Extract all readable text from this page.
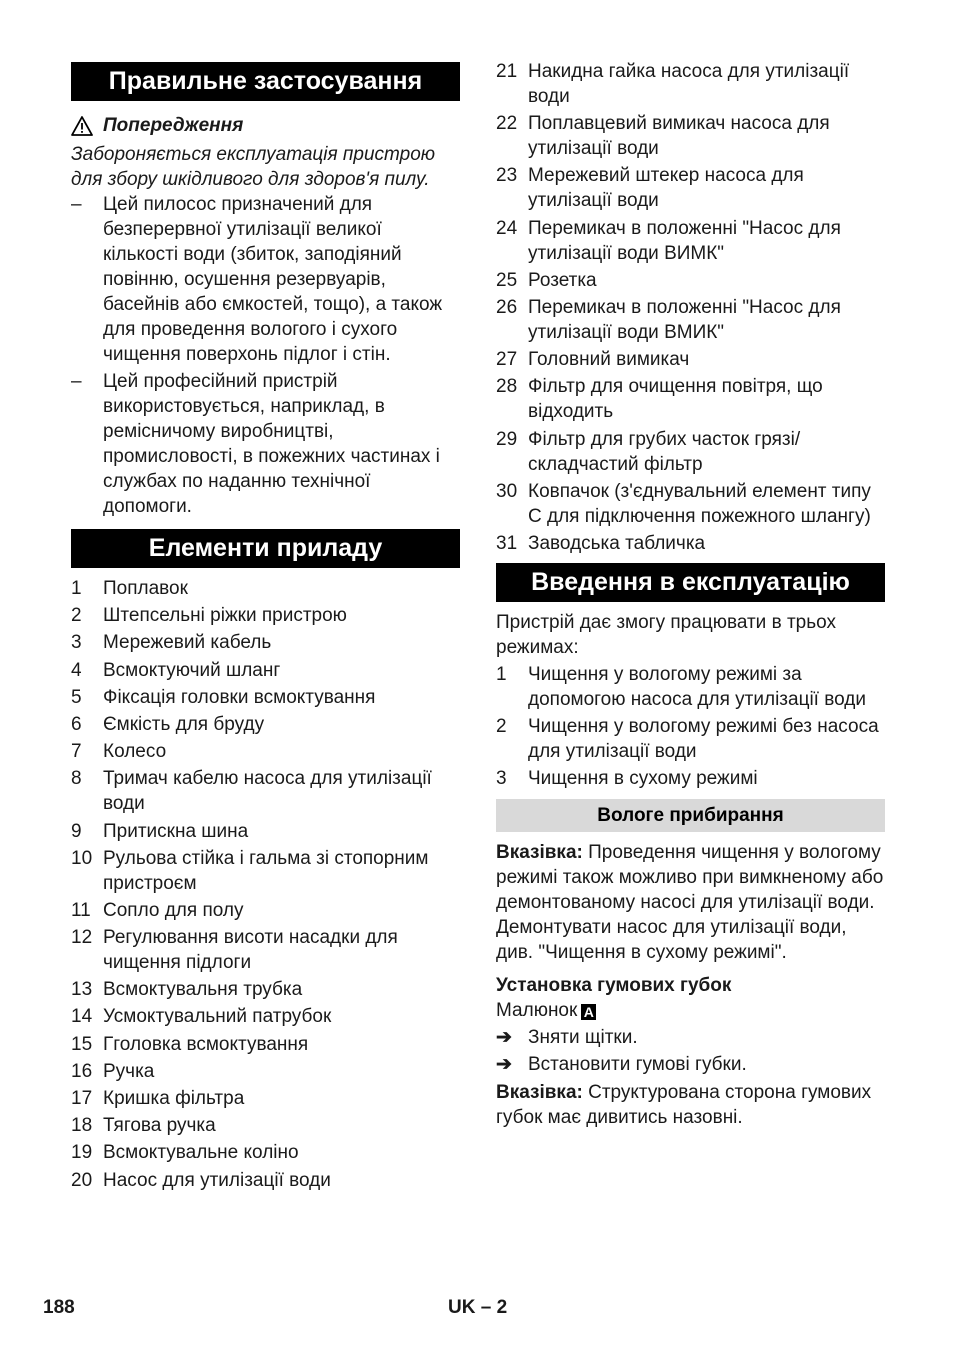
Правильне застосування
Попередження
Забороняється експлуатація пристрою для збору шкідливого для здоров'я пилу.
–	Цей пилосос призначений для безперервної утилізації великої кількості води (збиток, заподіяний повінню, осушення резервуарів, басейнів або ємкостей, тощо), а також для проведення вологого і сухого чищення поверхонь підлог і стін.
–	Цей професійний пристрій використовується, наприклад, в ремісничому виробництві, промисловості, в пожежних частинах і службах по наданню технічної допомоги.
Елементи приладу
1	Поплавок
2	Штепсельні ріжки пристрою
3	Мережевий кабель
4	Всмоктуючий шланг
5	Фіксація головки всмоктування
6	Ємкість для бруду
7	Колесо
8	Тримач кабелю насоса для утилізації води
9	Притискна шина
10 Рульова стійка і гальма зі стопорним пристроєм
11 Сопло для полу
12 Регулювання висоти насадки для чищення підлоги
13 Всмоктувальня трубка
14 Усмоктувальний патрубок
15 Гголовка всмоктування
16 Ручка
17 Кришка фільтра
18 Тягова ручка
19 Всмоктувальне коліно
20 Насос для утилізації води
21 Накидна гайка насоса для утилізації води
22 Поплавцевий вимикач насоса для утилізації води
23 Мережевий штекер насоса для утилізації води
24 Перемикач в положенні "Насос для утилізації води ВИМК"
25 Розетка
26 Перемикач в положенні "Насос для утилізації води ВМИК"
27 Головний вимикач
28 Фільтр для очищення повітря, що відходить
29 Фільтр для грубих часток грязі/ складчастий фільтр
30 Ковпачок (з'єднувальний елемент типу С для підключення пожежного шлангу)
31 Заводська табличка
Введення в експлуатацію
Пристрій дає змогу працювати в трьох режимах:
1	Чищення у вологому режимі за допомогою насоса для утилізації води
2	Чищення у вологому режимі без насоса для утилізації води
3	Чищення в сухому режимі
Вологе прибирання
Вказівка: Проведення чищення у вологому режимі також можливо при вимкненому або демонтованому насосі для утилізації води. Демонтувати насос для утилізації води, див. "Чищення в сухому режимі".
Установка гумових губок
Малюнок A
➔ Зняти щітки.
➔ Встановити гумові губки.
Вказівка: Структурована сторона гумових губок має дивитись назовні.
188	UK – 2
